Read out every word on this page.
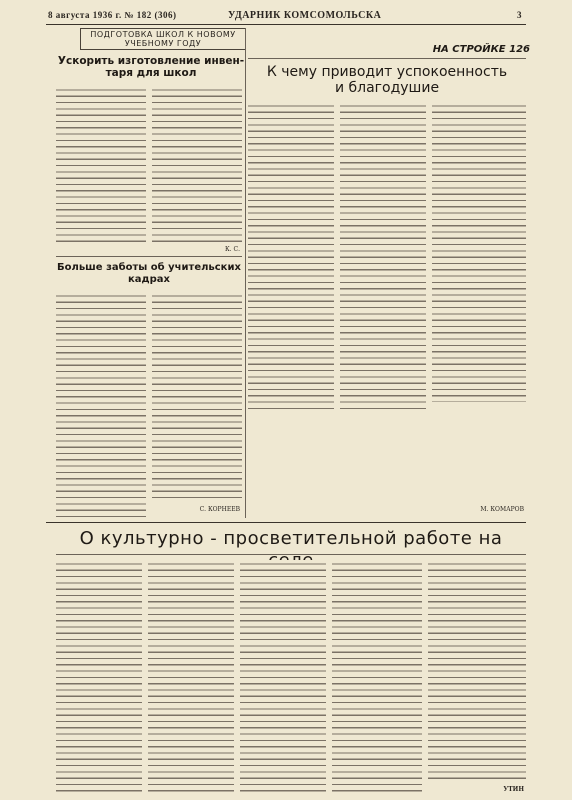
8 августа 1936 г. № 182 (306)	УДАРНИК КОМСОМОЛЬСКА	3
ПОДГОТОВКА ШКОЛ К НОВОМУ
УЧЕБНОМУ ГОДУ
Ускорить изготовление инвен-
таря для школ
К. С.
НА СТРОЙКЕ 126
К чему приводит успокоенность
и благодушие
М. КОМАРОВ
Больше заботы об учительских
кадрах
С. КОРНЕЕВ
О культурно - просветительной работе на
УТИН
